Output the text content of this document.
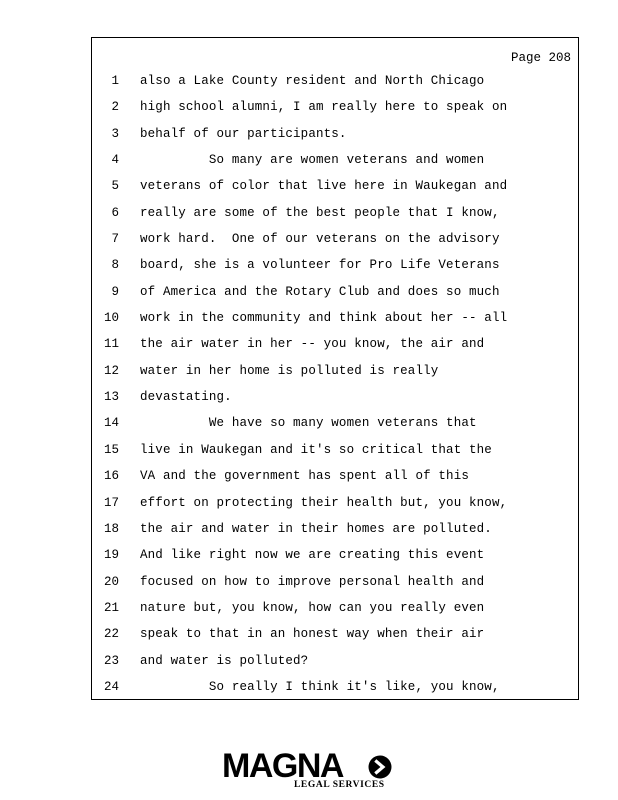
Page 208
1 also a Lake County resident and North Chicago
2 high school alumni, I am really here to speak on
3 behalf of our participants.
4 So many are women veterans and women
5 veterans of color that live here in Waukegan and
6 really are some of the best people that I know,
7 work hard.  One of our veterans on the advisory
8 board, she is a volunteer for Pro Life Veterans
9 of America and the Rotary Club and does so much
10 work in the community and think about her -- all
11 the air water in her -- you know, the air and
12 water in her home is polluted is really
13 devastating.
14 We have so many women veterans that
15 live in Waukegan and it's so critical that the
16 VA and the government has spent all of this
17 effort on protecting their health but, you know,
18 the air and water in their homes are polluted.
19 And like right now we are creating this event
20 focused on how to improve personal health and
21 nature but, you know, how can you really even
22 speak to that in an honest way when their air
23 and water is polluted?
24 So really I think it's like, you know,
MAGNA
LEGAL SERVICES
